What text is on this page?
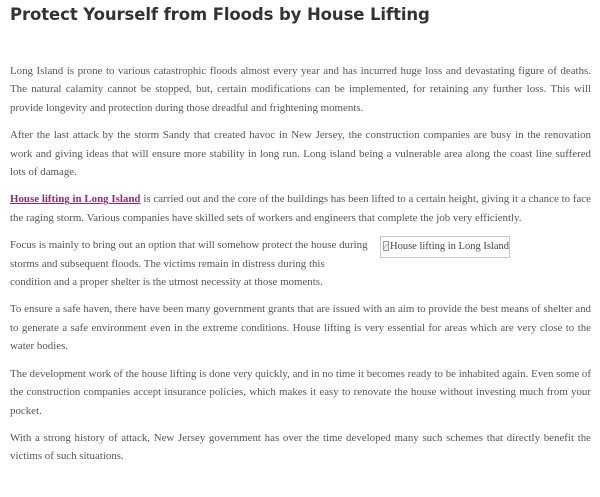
Protect Yourself from Floods by House Lifting

Long Island is prone to various catastrophic floods almost every year and has incurred huge loss and devastating figure of deaths. The natural calamity cannot be stopped, but, certain modifications can be implemented, for retaining any further loss. This will provide longevity and protection during those dreadful and frightening moments.

After the last attack by the storm Sandy that created havoc in New Jersey, the construction companies are busy in the renovation work and giving ideas that will ensure more stability in long run. Long island being a vulnerable area along the coast line suffered lots of damage.

House lifting in Long Island is carried out and the core of the buildings has been lifted to a certain height, giving it a chance to face the raging storm. Various companies have skilled sets of workers and engineers that complete the job very efficiently.

House lifting in Long Island

Focus is mainly to bring out an option that will somehow protect the house during storms and subsequent floods. The victims remain in distress during this condition and a proper shelter is the utmost necessity at those moments.

To ensure a safe haven, there have been many government grants that are issued with an aim to provide the best means of shelter and to generate a safe environment even in the extreme conditions. House lifting is very essential for areas which are very close to the water bodies.

The development work of the house lifting is done very quickly, and in no time it becomes ready to be inhabited again. Even some of the construction companies accept insurance policies, which makes it easy to renovate the house without investing much from your pocket.

With a strong history of attack, New Jersey government has over the time developed many such schemes that directly benefit the victims of such situations.
